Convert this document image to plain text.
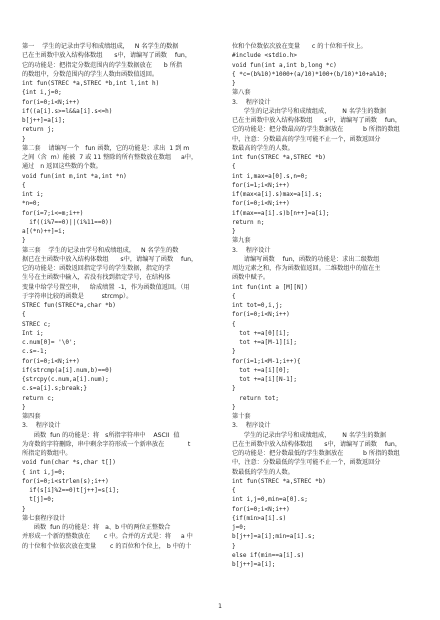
第一    学生的记录由学号和成绩组成，   N 名学生的数据
已在主函数中放入结构体数组      s中，请编写了函数    fun，
它的功能是：把指定分数范围内的学生数据放在      b 所指
的数组中，分数范围内的学生人数由函数值返回。
int fun(STREC *a,STREC *b,int l,int h)
{int i,j=0;
for(i=0;i<N;i++)
if((a[i].s>=l&&a[i].s<=h)
b[j++]=a[i];
return j;
}
第二套    请编写一个   fun 函数，它的功能是：求出  1 到 m
之间（含  m）能被  7 或 11 整除的所有整数放在数组     a中，
通过   n 返回这些数的个数。
void fun(int m,int *a,int *n)
{
int i;
*n=0;
for(i=7;i<=m;i++)
if((i%7==0)||(i%11==0))
a[(*n)++]=i;
}
第三套    学生的记录由学号和成绩组成，   N 名学生的数
据已在主函数中放入结构体数组      s中，请编写了函数    fun，
它的功能是：函数返回指定学号的学生数据，指定的学
生号在主函数中输入，若没有找到指定学号，在结构体
变量中给学号置空串，   给成绩置  -1，作为函数值返回。（用
于字符串比较的函数是         strcmp）。
STREC fun(STREC*a,char *b)
{
STREC c;
Int i;
c.num[0]= '\0';
c.s=-1;
for(i=0;i<N;i++)
if(strcmp(a[i].num,b)==0)
{strcpy(c.num,a[i].num);
c.s=a[i].s;break;}
return c;
}
第四套
3.    程序设计
函数  fun 的功能是：将   s所指字符串中    ASCII  值
为奇数的字符删除，串中剩余字符形成一个新串放在            t
所指定的数组中。
void fun(char *s,char t[])
{ int i,j=0;
for(i=0;i<strlen(s);i++)
if(s[i]%2==0)t[j++]=s[i];
t[j]=0;
}
第七套程序设计
函数  fun 的功能是：将   a、b 中的两位正整数合
并形成一个新的整数放在       c 中。合并的方式是：将     a 中
的十位和个位依次放在变量       c 的百位和个位上， b 中的十
位和个位数依次放在变量      c 的十位和千位上。
#include <stdio.h>
void fun(int a,int b,long *c)
{ *c=(b%10)*1000+(a/10)*100+(b/10)*10+a%10;
}
第八套
3.    程序设计
学生的记录由学号和成绩组成，      N 名学生的数据
已在主函数中放入结构体数组      s中，请编写了函数    fun，
它的功能是：把分数最高的学生数据放在          b 所指的数组
中，注意：分数最高的学生可能不止一个，函数返回分
数最高的学生的人数。
int fun(STREC *a,STREC *b)
{
int i,max=a[0].s,n=0;
for(i=1;i<N;i++)
if(max<a[i].s)max=a[i].s;
for(i=0;i<N;i++)
if(max==a[i].s)b[n++]=a[i];
return n;
}
第九套
3.    程序设计
请编写函数    fun，函数的功能是：求出二级数组
周边元素之和，作为函数值返回。二维数组中的值在主
函数中赋予。
int fun(int a [M][N])
{
int tot=0,i,j;
for(i=0;i<N;i++)
{
tot +=a[0][i];
tot +=a[M-1][i];
}
for(i=1;i<M-1;i++){
tot +=a[i][0];
tot +=a[i][N-1];
}
return tot;
}
第十套
3.    程序设计
学生的记录由学号和成绩组成，      N 名学生的数据
已在主函数中放入结构体数组      s中，请编写了函数    fun，
它的功能是：把分数最低的学生数据放在          b 所指的数组
中，注意：分数最低的学生可能不止一个，函数返回分
数最低的学生的人数。
int fun(STREC *a,STREC *b)
{
int i,j=0,min=a[0].s;
for(i=0;i<N;i++)
{if(min>a[i].s)
j=0;
b[j++]=a[i];min=a[i].s;
}
else if(min==a[i].s)
b[j++]=a[i];
1
